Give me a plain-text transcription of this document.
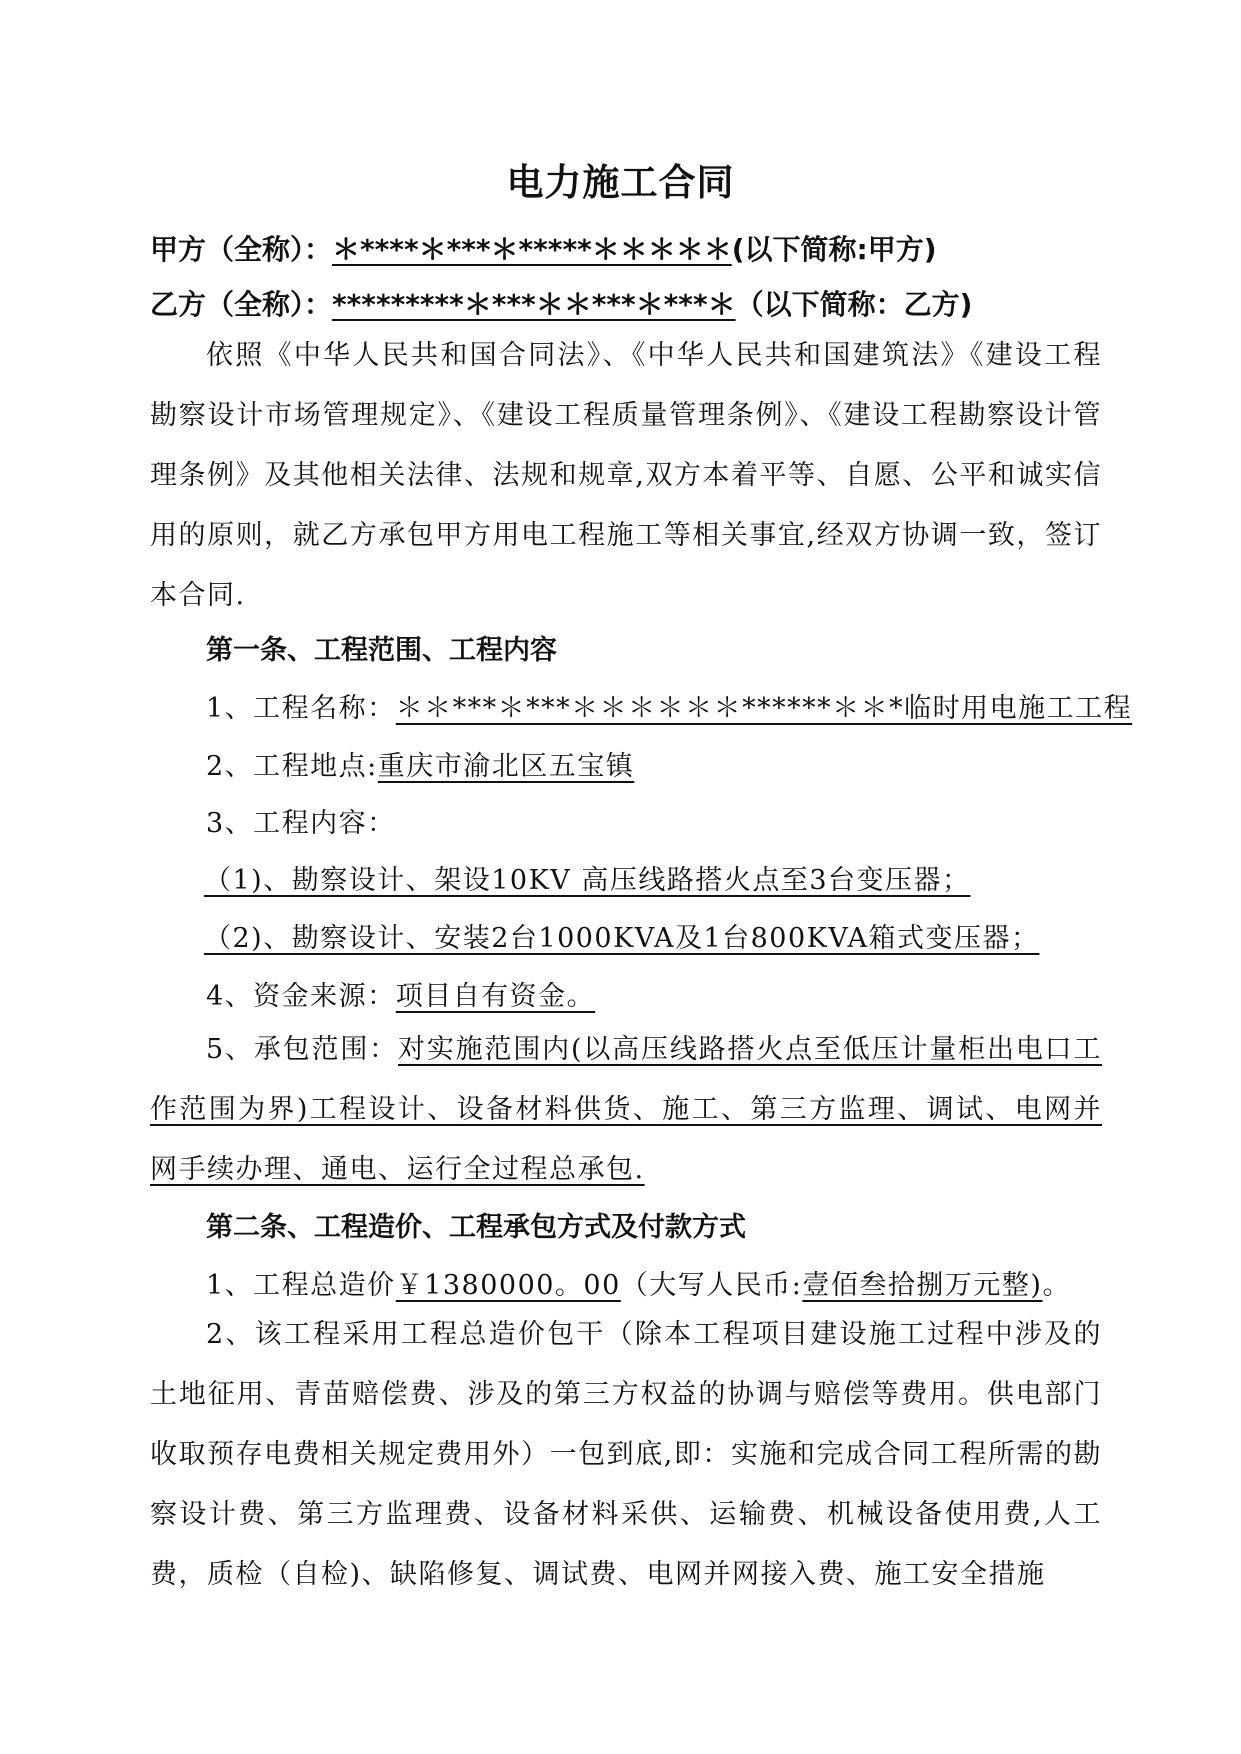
电力施工合同
甲方（全称）：＊****＊***＊*****＊＊＊＊＊(以下简称:甲方)
乙方（全称）：*********＊***＊＊***＊***＊（以下简称：乙方)
依照《中华人民共和国合同法》、《中华人民共和国建筑法》《建设工程勘察设计市场管理规定》、《建设工程质量管理条例》、《建设工程勘察设计管理条例》及其他相关法律、法规和规章,双方本着平等、自愿、公平和诚实信用的原则，就乙方承包甲方用电工程施工等相关事宜,经双方协调一致，签订本合同.
第一条、工程范围、工程内容
1、工程名称：＊＊***＊***＊＊＊＊＊＊******＊＊*临时用电施工工程
2、工程地点:重庆市渝北区五宝镇
3、工程内容：
（1)、勘察设计、架设10KV 高压线路搭火点至3台变压器；
（2)、勘察设计、安装2台1000KVA及1台800KVA箱式变压器；
4、资金来源：项目自有资金。
5、承包范围：对实施范围内(以高压线路搭火点至低压计量柜出电口工作范围为界)工程设计、设备材料供货、施工、第三方监理、调试、电网并网手续办理、通电、运行全过程总承包.
第二条、工程造价、工程承包方式及付款方式
1、工程总造价￥1380000。00（大写人民币:壹佰叁拾捌万元整)。
2、该工程采用工程总造价包干（除本工程项目建设施工过程中涉及的土地征用、青苗赔偿费、涉及的第三方权益的协调与赔偿等费用。供电部门收取预存电费相关规定费用外）一包到底,即：实施和完成合同工程所需的勘察设计费、第三方监理费、设备材料采供、运输费、机械设备使用费,人工费，质检（自检)、缺陷修复、调试费、电网并网接入费、施工安全措施
